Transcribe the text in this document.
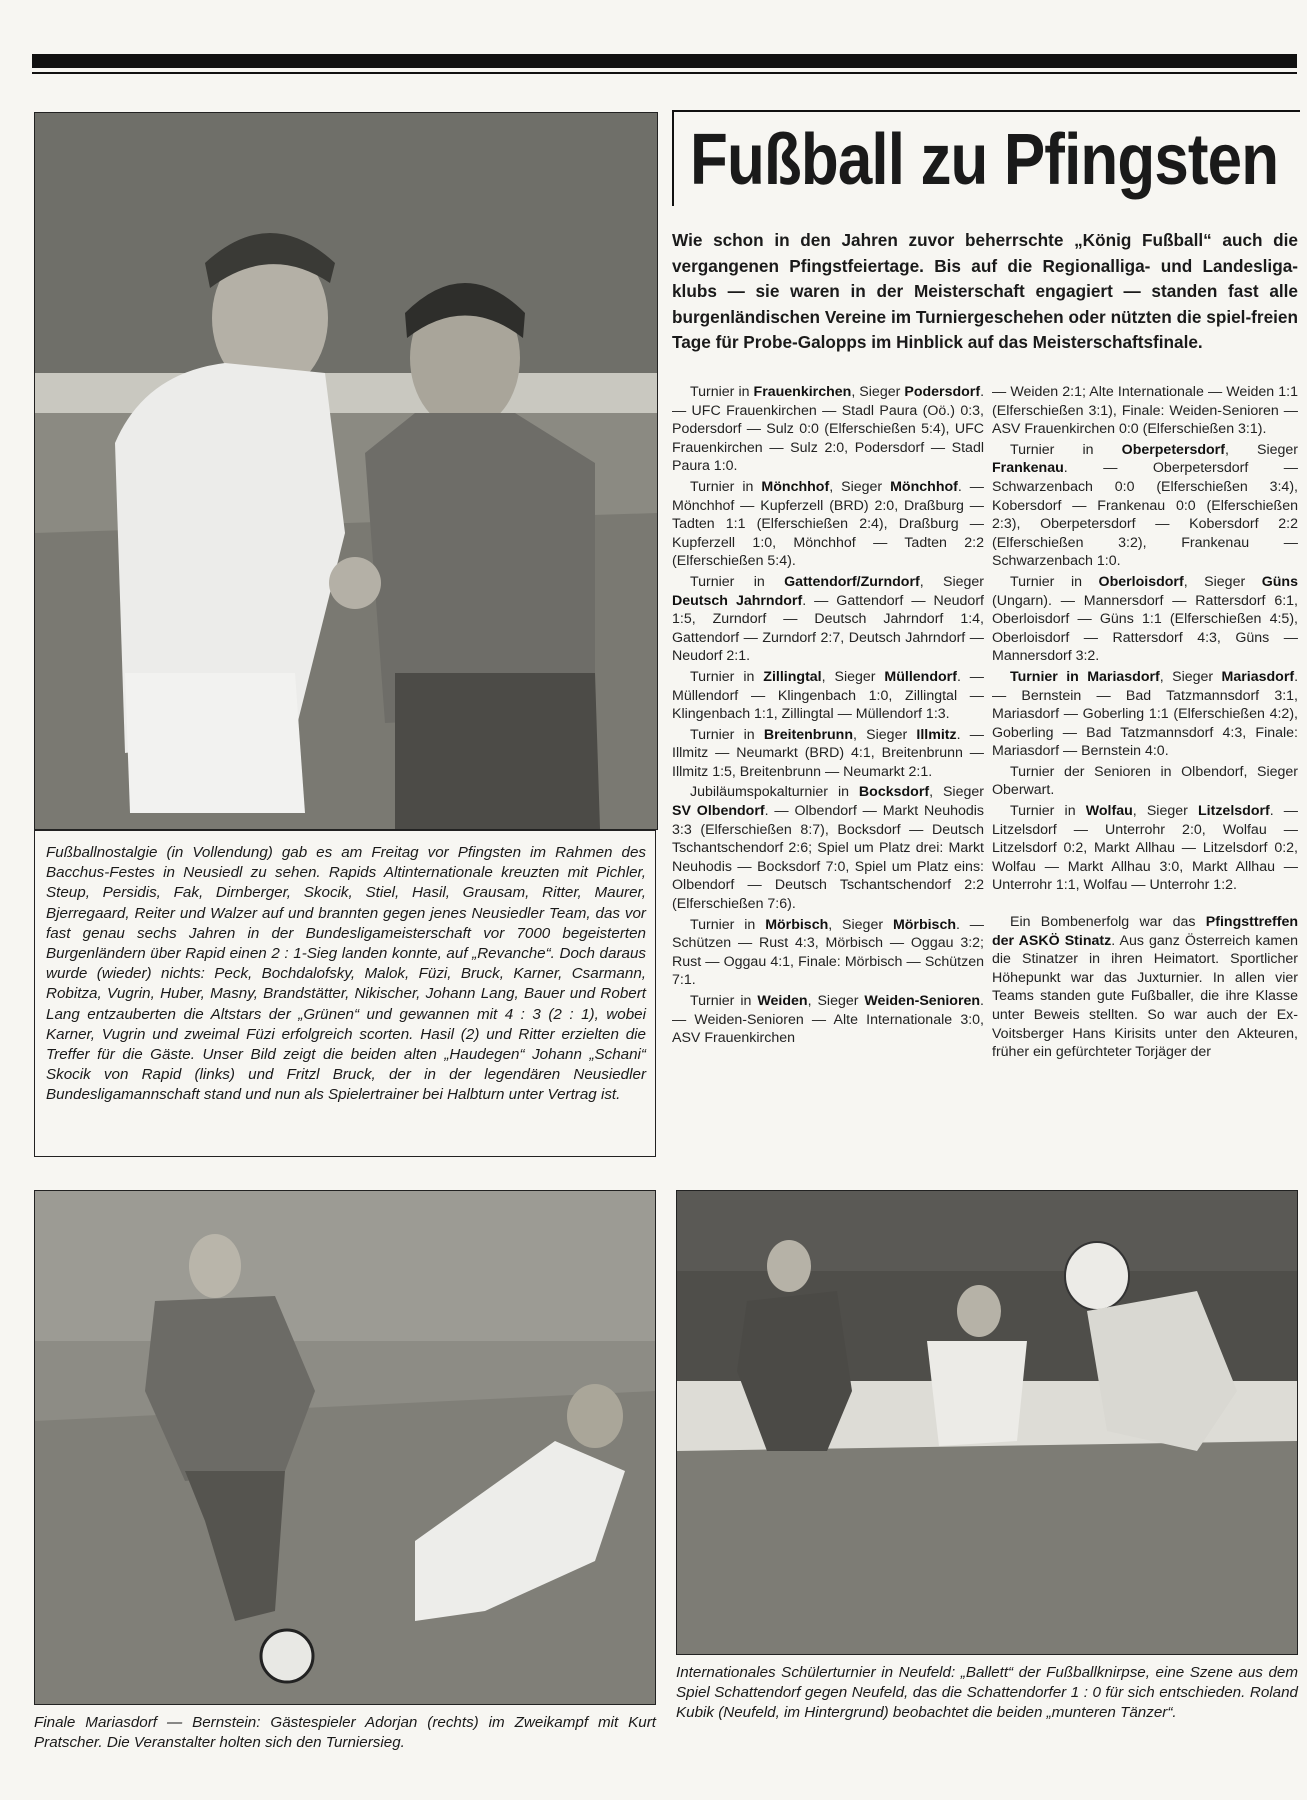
Fußballnostalgie (in Vollendung) gab es am Freitag vor Pfingsten im Rahmen des Bacchus-Festes in Neusiedl zu sehen. Rapids Altinternationale kreuzten mit Pichler, Steup, Persidis, Fak, Dirnberger, Skocik, Stiel, Hasil, Grausam, Ritter, Maurer, Bjerregaard, Reiter und Walzer auf und brannten gegen jenes Neusiedler Team, das vor fast genau sechs Jahren in der Bundesligameisterschaft vor 7000 begeisterten Burgenländern über Rapid einen 2 : 1-Sieg landen konnte, auf „Revanche“. Doch daraus wurde (wieder) nichts: Peck, Bochdalofsky, Malok, Füzi, Bruck, Karner, Csarmann, Robitza, Vugrin, Huber, Masny, Brandstätter, Nikischer, Johann Lang, Bauer und Robert Lang entzauberten die Altstars der „Grünen“ und gewannen mit 4 : 3 (2 : 1), wobei Karner, Vugrin und zweimal Füzi erfolgreich scorten. Hasil (2) und Ritter erzielten die Treffer für die Gäste. Unser Bild zeigt die beiden alten „Haudegen“ Johann „Schani“ Skocik von Rapid (links) und Fritzl Bruck, der in der legendären Neusiedler Bundesligamannschaft stand und nun als Spielertrainer bei Halbturn unter Vertrag ist.

Fußball zu Pfingsten

Wie schon in den Jahren zuvor beherrschte „König Fußball“ auch die vergangenen Pfingstfeiertage. Bis auf die Regionalliga- und Landesliga-klubs — sie waren in der Meisterschaft engagiert — standen fast alle burgenländischen Vereine im Turniergeschehen oder nützten die spiel-freien Tage für Probe-Galopps im Hinblick auf das Meisterschaftsfinale.

Turnier in Frauenkirchen, Sieger Podersdorf. — UFC Frauenkirchen — Stadl Paura (Oö.) 0:3, Podersdorf — Sulz 0:0 (Elferschießen 5:4), UFC Frauenkirchen — Sulz 2:0, Podersdorf — Stadl Paura 1:0.

Turnier in Mönchhof, Sieger Mönchhof. — Mönchhof — Kupferzell (BRD) 2:0, Draßburg — Tadten 1:1 (Elferschießen 2:4), Draßburg — Kupferzell 1:0, Mönchhof — Tadten 2:2 (Elferschießen 5:4).

Turnier in Gattendorf/Zurndorf, Sieger Deutsch Jahrndorf. — Gattendorf — Neudorf 1:5, Zurndorf — Deutsch Jahrndorf 1:4, Gattendorf — Zurndorf 2:7, Deutsch Jahrndorf — Neudorf 2:1.

Turnier in Zillingtal, Sieger Müllendorf. — Müllendorf — Klingenbach 1:0, Zillingtal — Klingenbach 1:1, Zillingtal — Müllendorf 1:3.

Turnier in Breitenbrunn, Sieger Illmitz. — Illmitz — Neumarkt (BRD) 4:1, Breitenbrunn — Illmitz 1:5, Breitenbrunn — Neumarkt 2:1.

Jubiläumspokalturnier in Bocksdorf, Sieger SV Olbendorf. — Olbendorf — Markt Neuhodis 3:3 (Elferschießen 8:7), Bocksdorf — Deutsch Tschantschendorf 2:6; Spiel um Platz drei: Markt Neuhodis — Bocksdorf 7:0, Spiel um Platz eins: Olbendorf — Deutsch Tschantschendorf 2:2 (Elferschießen 7:6).

Turnier in Mörbisch, Sieger Mörbisch. — Schützen — Rust 4:3, Mörbisch — Oggau 3:2; Rust — Oggau 4:1, Finale: Mörbisch — Schützen 7:1.

Turnier in Weiden, Sieger Weiden-Senioren. — Weiden-Senioren — Alte Internationale 3:0, ASV Frauenkirchen

— Weiden 2:1; Alte Internationale — Weiden 1:1 (Elferschießen 3:1), Finale: Weiden-Senioren — ASV Frauenkirchen 0:0 (Elferschießen 3:1).

Turnier in Oberpetersdorf, Sieger Frankenau. — Oberpetersdorf — Schwarzenbach 0:0 (Elferschießen 3:4), Kobersdorf — Frankenau 0:0 (Elferschießen 2:3), Oberpetersdorf — Kobersdorf 2:2 (Elferschießen 3:2), Frankenau — Schwarzenbach 1:0.

Turnier in Oberloisdorf, Sieger Güns (Ungarn). — Mannersdorf — Rattersdorf 6:1, Oberloisdorf — Güns 1:1 (Elferschießen 4:5), Oberloisdorf — Rattersdorf 4:3, Güns — Mannersdorf 3:2.

Turnier in Mariasdorf, Sieger Mariasdorf. — Bernstein — Bad Tatzmannsdorf 3:1, Mariasdorf — Goberling 1:1 (Elferschießen 4:2), Goberling — Bad Tatzmannsdorf 4:3, Finale: Mariasdorf — Bernstein 4:0.

Turnier der Senioren in Olbendorf, Sieger Oberwart.

Turnier in Wolfau, Sieger Litzelsdorf. — Litzelsdorf — Unterrohr 2:0, Wolfau — Litzelsdorf 0:2, Markt Allhau — Litzelsdorf 0:2, Wolfau — Markt Allhau 3:0, Markt Allhau — Unterrohr 1:1, Wolfau — Unterrohr 1:2.

Ein Bombenerfolg war das Pfingsttreffen der ASKÖ Stinatz. Aus ganz Österreich kamen die Stinatzer in ihren Heimatort. Sportlicher Höhepunkt war das Juxturnier. In allen vier Teams standen gute Fußballer, die ihre Klasse unter Beweis stellten. So war auch der Ex-Voitsberger Hans Kirisits unter den Akteuren, früher ein gefürchteter Torjäger der

Finale Mariasdorf — Bernstein: Gästespieler Adorjan (rechts) im Zweikampf mit Kurt Pratscher. Die Veranstalter holten sich den Turniersieg.

Internationales Schülerturnier in Neufeld: „Ballett“ der Fußballknirpse, eine Szene aus dem Spiel Schattendorf gegen Neufeld, das die Schattendorfer 1 : 0 für sich entschieden. Roland Kubik (Neufeld, im Hintergrund) beobachtet die beiden „munteren Tänzer“.
